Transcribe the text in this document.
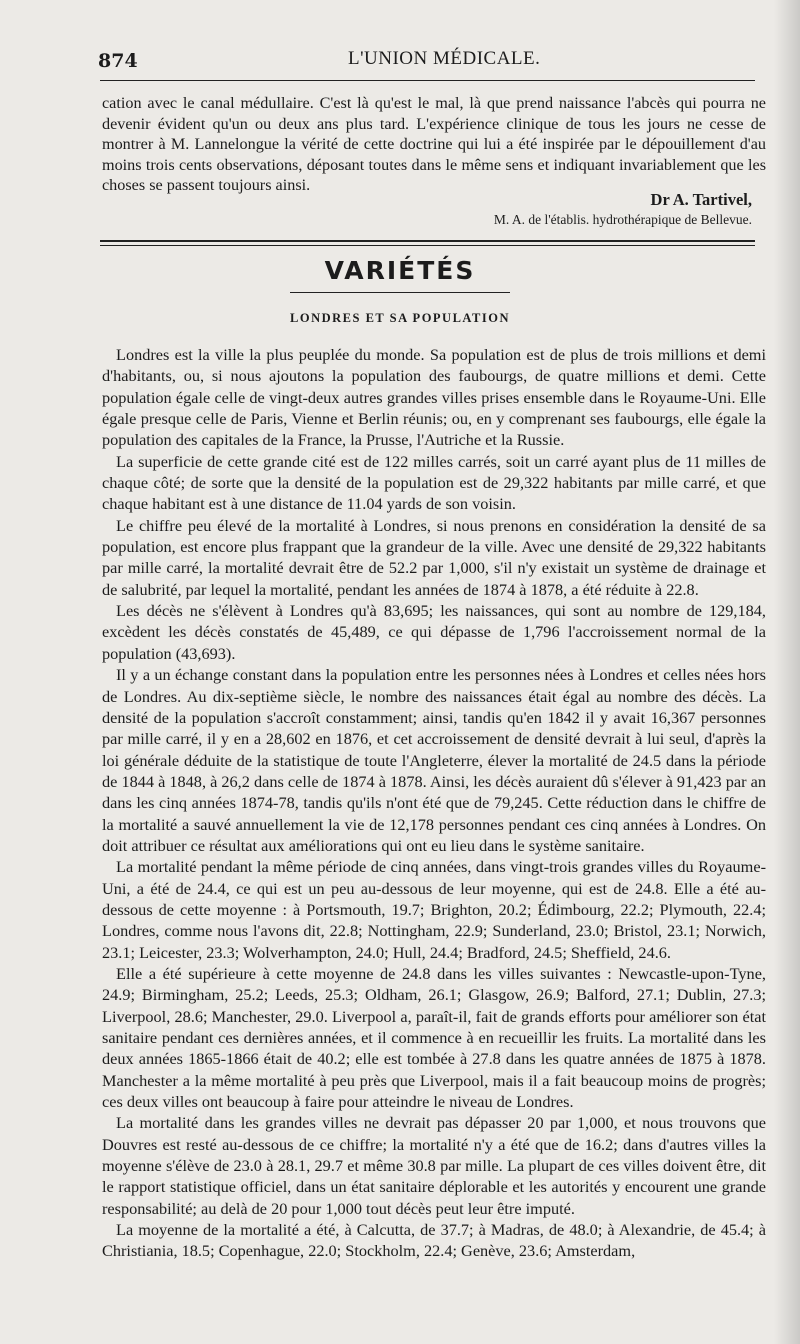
874	L'UNION MÉDICALE.

cation avec le canal médullaire. C'est là qu'est le mal, là que prend naissance l'abcès qui pourra ne devenir évident qu'un ou deux ans plus tard. L'expérience clinique de tous les jours ne cesse de montrer à M. Lannelongue la vérité de cette doctrine qui lui a été inspirée par le dépouillement d'au moins trois cents observations, déposant toutes dans le même sens et indiquant invariablement que les choses se passent toujours ainsi.

Dr A. Tartivel,
M. A. de l'établis. hydrothérapique de Bellevue.
VARIÉTÉS
LONDRES ET SA POPULATION

Londres est la ville la plus peuplée du monde. Sa population est de plus de trois millions et demi d'habitants, ou, si nous ajoutons la population des faubourgs, de quatre millions et demi. Cette population égale celle de vingt-deux autres grandes villes prises ensemble dans le Royaume-Uni. Elle égale presque celle de Paris, Vienne et Berlin réunis; ou, en y comprenant ses faubourgs, elle égale la population des capitales de la France, la Prusse, l'Autriche et la Russie.

La superficie de cette grande cité est de 122 milles carrés, soit un carré ayant plus de 11 milles de chaque côté; de sorte que la densité de la population est de 29,322 habitants par mille carré, et que chaque habitant est à une distance de 11.04 yards de son voisin.

Le chiffre peu élevé de la mortalité à Londres, si nous prenons en considération la densité de sa population, est encore plus frappant que la grandeur de la ville. Avec une densité de 29,322 habitants par mille carré, la mortalité devrait être de 52.2 par 1,000, s'il n'y existait un système de drainage et de salubrité, par lequel la mortalité, pendant les années de 1874 à 1878, a été réduite à 22.8.

Les décès ne s'élèvent à Londres qu'à 83,695; les naissances, qui sont au nombre de 129,184, excèdent les décès constatés de 45,489, ce qui dépasse de 1,796 l'accroissement normal de la population (43,693).

Il y a un échange constant dans la population entre les personnes nées à Londres et celles nées hors de Londres. Au dix-septième siècle, le nombre des naissances était égal au nombre des décès. La densité de la population s'accroît constamment; ainsi, tandis qu'en 1842 il y avait 16,367 personnes par mille carré, il y en a 28,602 en 1876, et cet accroissement de densité devrait à lui seul, d'après la loi générale déduite de la statistique de toute l'Angleterre, élever la mortalité de 24.5 dans la période de 1844 à 1848, à 26,2 dans celle de 1874 à 1878. Ainsi, les décès auraient dû s'élever à 91,423 par an dans les cinq années 1874-78, tandis qu'ils n'ont été que de 79,245. Cette réduction dans le chiffre de la mortalité a sauvé annuellement la vie de 12,178 personnes pendant ces cinq années à Londres. On doit attribuer ce résultat aux améliorations qui ont eu lieu dans le système sanitaire.

La mortalité pendant la même période de cinq années, dans vingt-trois grandes villes du Royaume-Uni, a été de 24.4, ce qui est un peu au-dessous de leur moyenne, qui est de 24.8. Elle a été au-dessous de cette moyenne : à Portsmouth, 19.7; Brighton, 20.2; Édimbourg, 22.2; Plymouth, 22.4; Londres, comme nous l'avons dit, 22.8; Nottingham, 22.9; Sunderland, 23.0; Bristol, 23.1; Norwich, 23.1; Leicester, 23.3; Wolverhampton, 24.0; Hull, 24.4; Bradford, 24.5; Sheffield, 24.6.

Elle a été supérieure à cette moyenne de 24.8 dans les villes suivantes : Newcastle-upon-Tyne, 24.9; Birmingham, 25.2; Leeds, 25.3; Oldham, 26.1; Glasgow, 26.9; Balford, 27.1; Dublin, 27.3; Liverpool, 28.6; Manchester, 29.0. Liverpool a, paraît-il, fait de grands efforts pour améliorer son état sanitaire pendant ces dernières années, et il commence à en recueillir les fruits. La mortalité dans les deux années 1865-1866 était de 40.2; elle est tombée à 27.8 dans les quatre années de 1875 à 1878. Manchester a la même mortalité à peu près que Liverpool, mais il a fait beaucoup moins de progrès; ces deux villes ont beaucoup à faire pour atteindre le niveau de Londres.

La mortalité dans les grandes villes ne devrait pas dépasser 20 par 1,000, et nous trouvons que Douvres est resté au-dessous de ce chiffre; la mortalité n'y a été que de 16.2; dans d'autres villes la moyenne s'élève de 23.0 à 28.1, 29.7 et même 30.8 par mille. La plupart de ces villes doivent être, dit le rapport statistique officiel, dans un état sanitaire déplorable et les autorités y encourent une grande responsabilité; au delà de 20 pour 1,000 tout décès peut leur être imputé.

La moyenne de la mortalité a été, à Calcutta, de 37.7; à Madras, de 48.0; à Alexandrie, de 45.4; à Christiania, 18.5; Copenhague, 22.0; Stockholm, 22.4; Genève, 23.6; Amsterdam,
